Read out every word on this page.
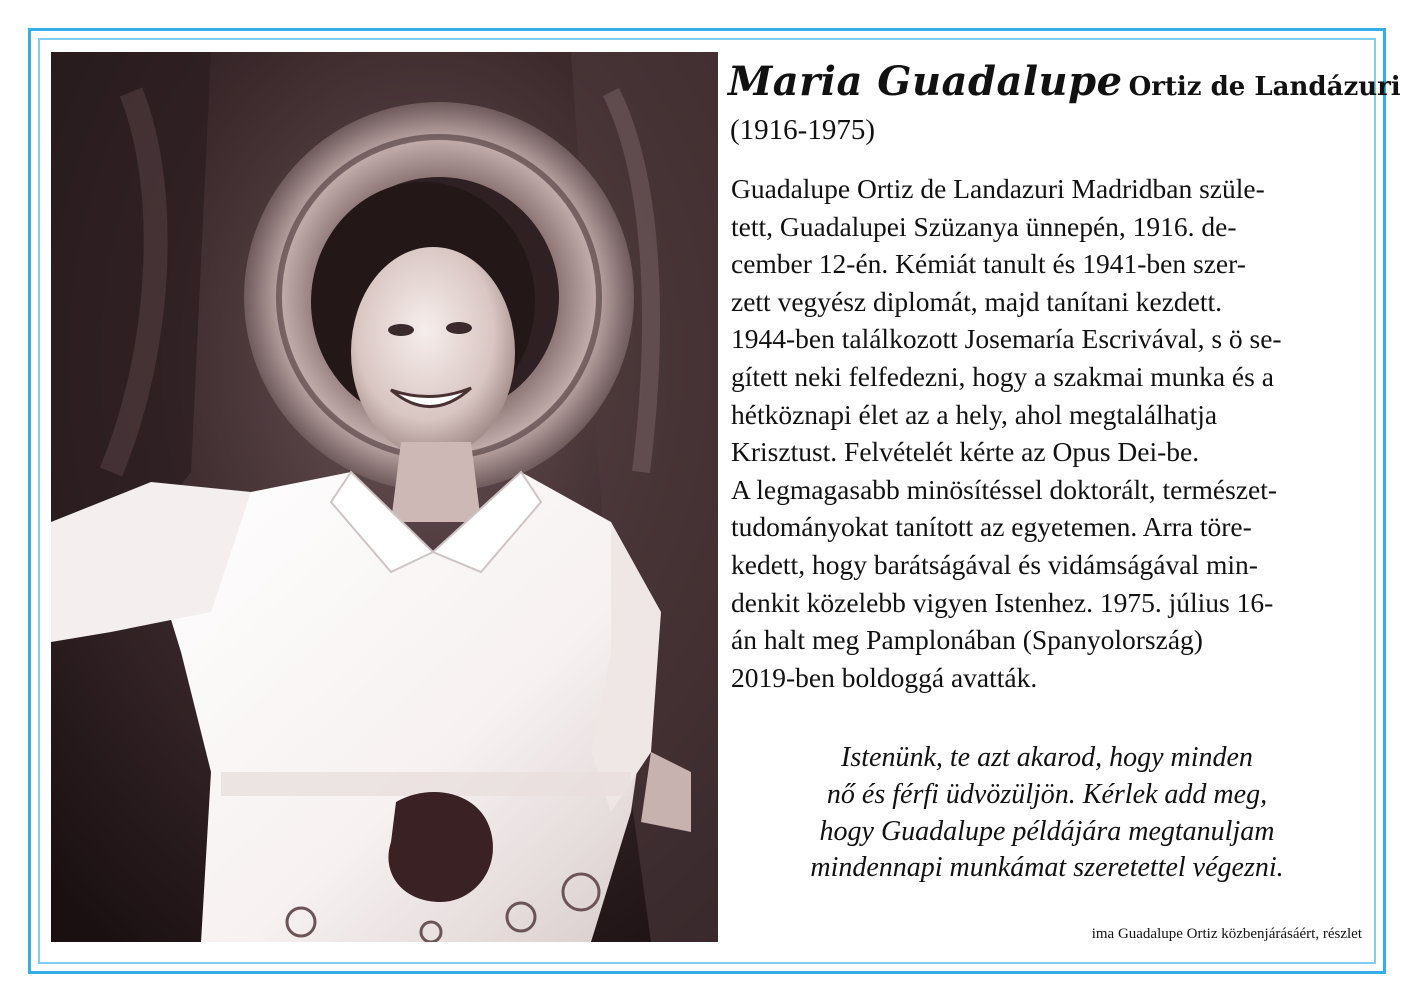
Maria Guadalupe Ortiz de Landázuri
(1916-1975)
Guadalupe Ortiz de Landazuri Madridban szüle-
tett, Guadalupei Szüzanya ünnepén, 1916. de-
cember 12-én. Kémiát tanult és 1941-ben szer-
zett vegyész diplomát, majd tanítani kezdett.
1944-ben találkozott Josemaría Escrivával, s ö se-
gített neki felfedezni, hogy a szakmai munka és a
hétköznapi élet az a hely, ahol megtalálhatja
Krisztust. Felvételét kérte az Opus Dei-be.
A legmagasabb minösítéssel doktorált, természet-
tudományokat tanított az egyetemen. Arra töre-
kedett, hogy barátságával és vidámságával min-
denkit közelebb vigyen Istenhez. 1975. július 16-
án halt meg Pamplonában (Spanyolország)
2019-ben boldoggá avatták.
Istenünk, te azt akarod, hogy minden
nő és férfi üdvözüljön. Kérlek add meg,
hogy Guadalupe példájára megtanuljam
mindennapi munkámat szeretettel végezni.
ima Guadalupe Ortiz közbenjárásáért, részlet
